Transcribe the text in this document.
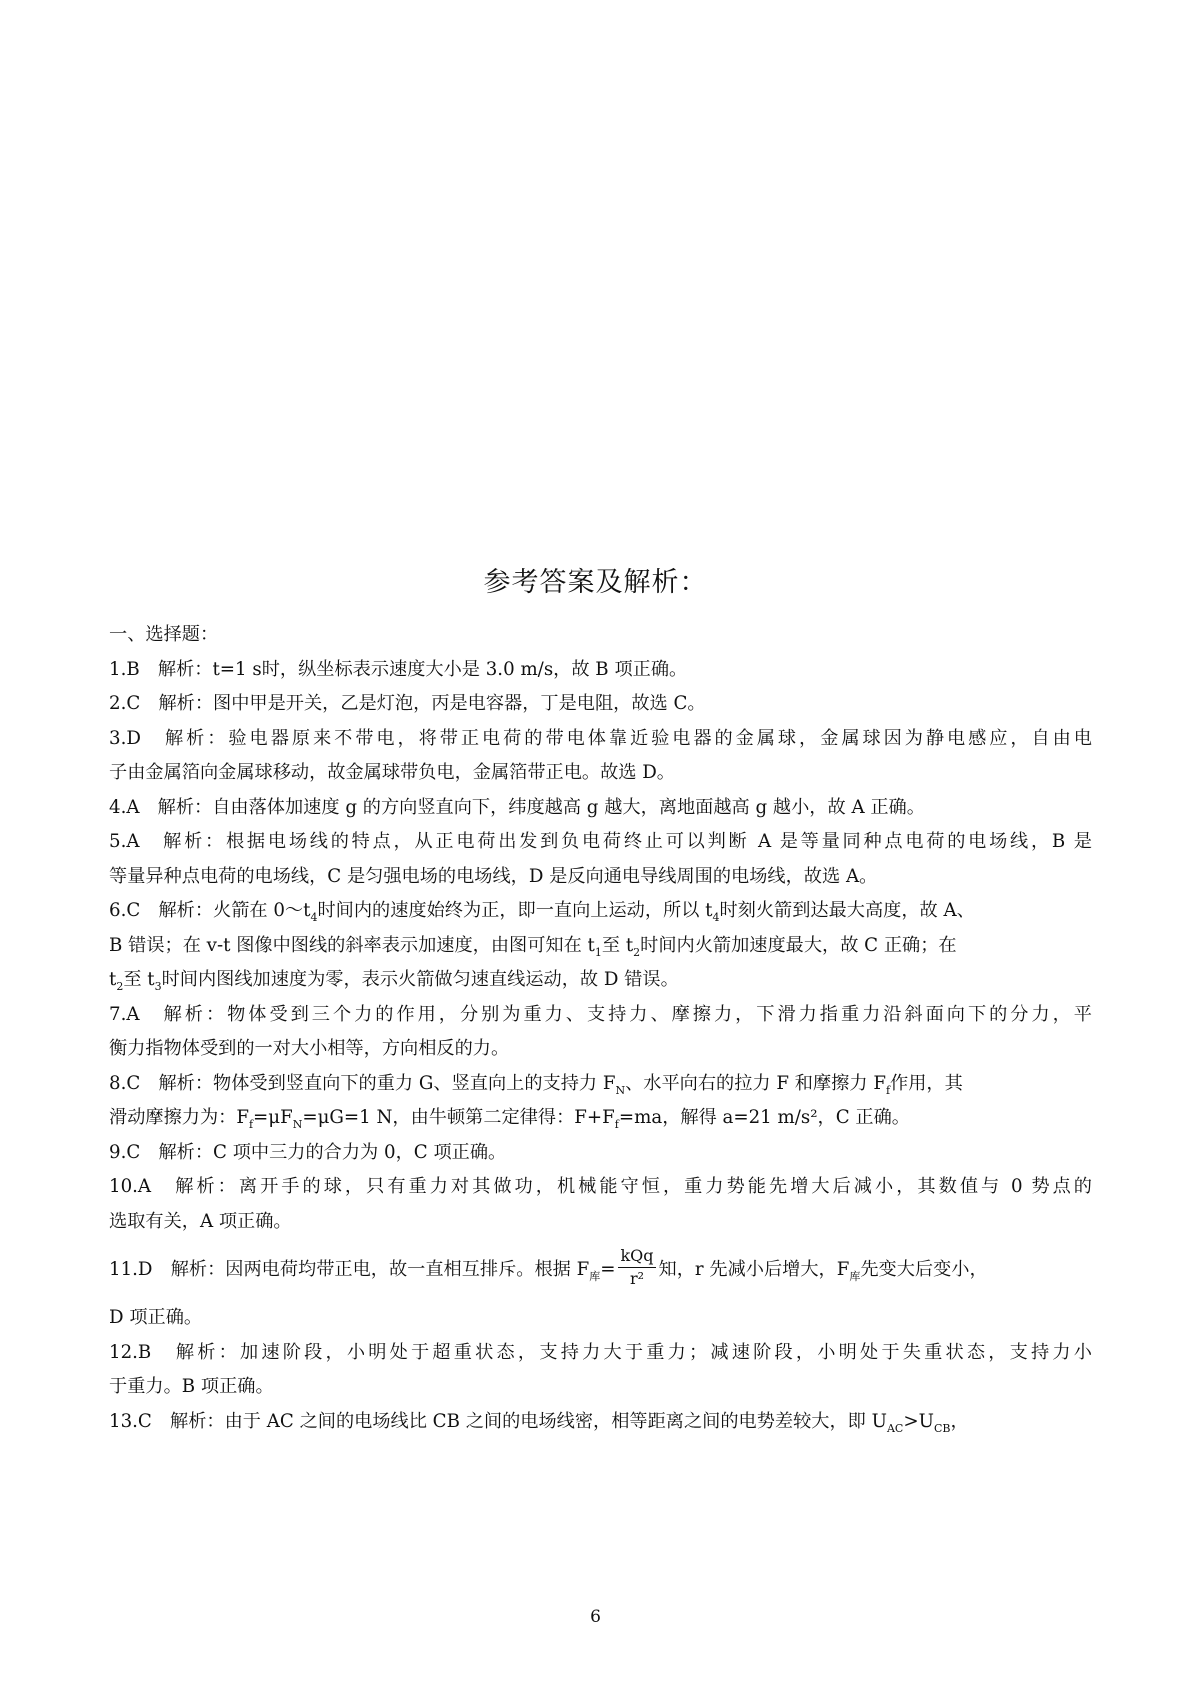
参考答案及解析：
一、选择题：
1.B　解析：t=1 s时，纵坐标表示速度大小是 3.0 m/s，故 B 项正确。
2.C　解析：图中甲是开关，乙是灯泡，丙是电容器，丁是电阻，故选 C。
3.D　解析：验电器原来不带电，将带正电荷的带电体靠近验电器的金属球，金属球因为静电感应，自由电
子由金属箔向金属球移动，故金属球带负电，金属箔带正电。故选 D。
4.A　解析：自由落体加速度 g 的方向竖直向下，纬度越高 g 越大，离地面越高 g 越小，故 A 正确。
5.A　解析：根据电场线的特点，从正电荷出发到负电荷终止可以判断 A 是等量同种点电荷的电场线，B 是
等量异种点电荷的电场线，C 是匀强电场的电场线，D 是反向通电导线周围的电场线，故选 A。
6.C　解析：火箭在 $0\sim t_4$时间内的速度始终为正，即一直向上运动，所以 $t_4$时刻火箭到达最大高度，故 A、
B 错误；在 v-t 图像中图线的斜率表示加速度，由图可知在 $t_1$至 $t_2$时间内火箭加速度最大，故 C 正确；在
$t_2$至 $t_3$时间内图线加速度为零，表示火箭做匀速直线运动，故 D 错误。
7.A　解析：物体受到三个力的作用，分别为重力、支持力、摩擦力，下滑力指重力沿斜面向下的分力，平
衡力指物体受到的一对大小相等，方向相反的力。
8.C　解析：物体受到竖直向下的重力 G、竖直向上的支持力 $F_N$、水平向右的拉力 F 和摩擦力 $F_f$作用，其
滑动摩擦力为：$F_f=\mu F_N=\mu G=1$ N，由牛顿第二定律得：$F+F_f=ma$，解得 a=21 m/s²，C 正确。
9.C　解析：C 项中三力的合力为 0，C 项正确。
10.A　解析：离开手的球，只有重力对其做功，机械能守恒，重力势能先增大后减小，其数值与 0 势点的
选取有关，A 项正确。
11.D　解析：因两电荷均带正电，故一直相互排斥。根据 $F_库= \frac{\text{kQq}}{\text{r²}}$ 知，r 先减小后增大，$F_库$先变大后变小，
D 项正确。
12.B　解析：加速阶段，小明处于超重状态，支持力大于重力；减速阶段，小明处于失重状态，支持力小
于重力。B 项正确。
13.C　解析：由于 AC 之间的电场线比 CB 之间的电场线密，相等距离之间的电势差较大，即 $U_{AC}>U_{CB}$，
6
